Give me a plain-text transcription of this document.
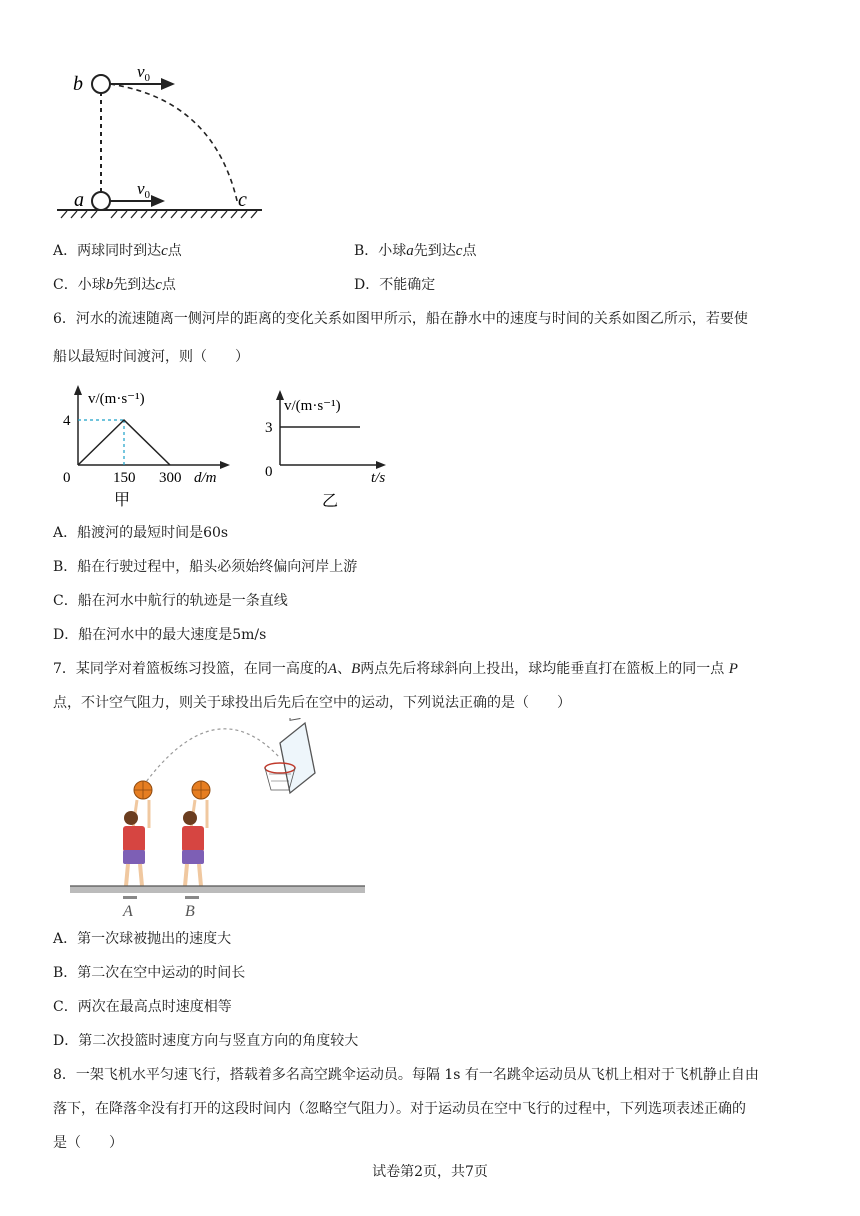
b
a	c
$v_0$
$v_0$
A．两球同时到达c点	B．小球a先到达c点
C．小球b先到达c点	D．不能确定
6．河水的流速随离一侧河岸的距离的变化关系如图甲所示，船在静水中的速度与时间的关系如图乙所示，若要使
船以最短时间渡河，则（　　）
v/(m·s⁻¹)
4
0	150 300 d/m
甲
v/(m·s⁻¹)
3
0	t/s
乙
A．船渡河的最短时间是60s
B．船在行驶过程中，船头必须始终偏向河岸上游
C．船在河水中航行的轨迹是一条直线
D．船在河水中的最大速度是5m/s
7．某同学对着篮板练习投篮，在同一高度的A、B两点先后将球斜向上投出，球均能垂直打在篮板上的同一点 P
点，不计空气阻力，则关于球投出后先后在空中的运动，下列说法正确的是（　　）
A	B
A．第一次球被抛出的速度大
B．第二次在空中运动的时间长
C．两次在最高点时速度相等
D．第二次投篮时速度方向与竖直方向的角度较大
8．一架飞机水平匀速飞行，搭载着多名高空跳伞运动员。每隔 1s 有一名跳伞运动员从飞机上相对于飞机静止自由
落下，在降落伞没有打开的这段时间内（忽略空气阻力）。对于运动员在空中飞行的过程中，下列选项表述正确的
是（　　）
试卷第2页，共7页
